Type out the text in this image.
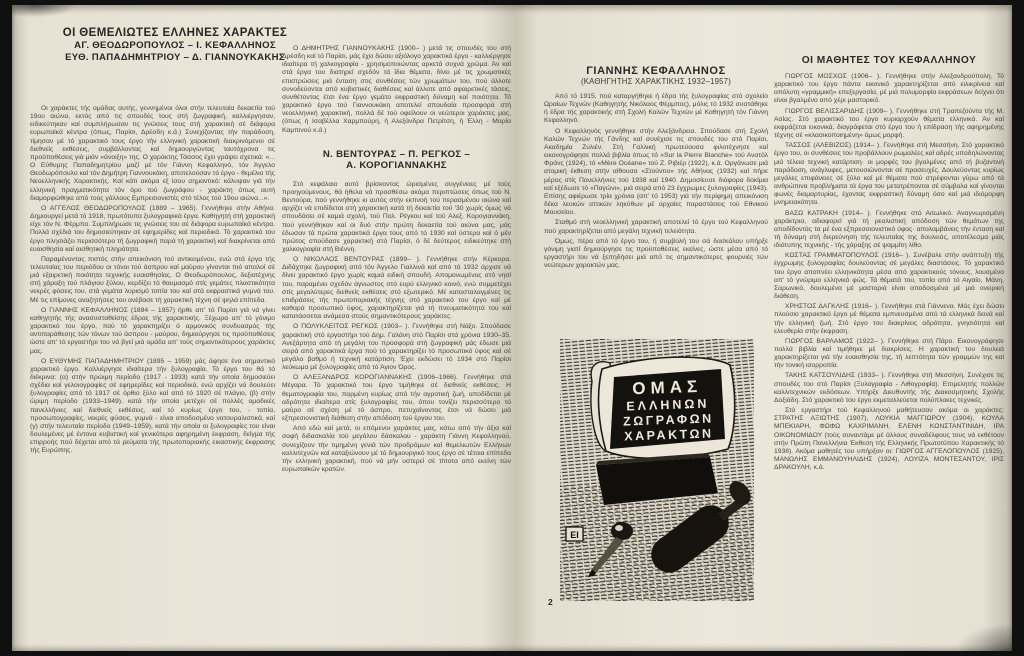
ΟΙ ΘΕΜΕΛΙΩΤΕΣ ΕΛΛΗΝΕΣ ΧΑΡΑΚΤΕΣ
ΑΓ. ΘΕΟΔΩΡΟΠΟΥΛΟΣ – Ι. ΚΕΦΑΛΛΗΝΟΣ
ΕΥΘ. ΠΑΠΑΔΗΜΗΤΡΙΟΥ – Δ. ΓΙΑΝΝΟΥΚΑΚΗΣ

Οι χαράκτες τής ομάδας αυτής, γεννημένοι όλοι στήν τελευταία δεκαετία τού 19ου αιώνα, εκτός από τις σπουδές τους στή ζωγραφική, καλλιέργησαν, ειδικεύτηκαν καί συμπλήρωσαν τις γνώσεις τους στή χαρακτική σέ διάφορα ευρωπαϊκά κέντρα (όπως, Παρίσι, Δρέσδη κ.ά.) Συνεχίζοντας τήν παράδοση, τίμησαν μέ τό χαρακτικό τους έργο τήν ελληνική χαρακτική διακρινόμενοι σέ διεθνείς εκθέσεις, συμβάλλοντας καί δημιουργώντας ταυτόχρονα τις προϋποθέσεις γιά μιάν «άνοιξη» της. Ο χαράκτης Τάσσος έχει γράψει σχετικά: «... Ο Εύθυμης Παπαδημητρίου μαζί μέ τόν Γιάννη Κεφαλληνό, τόν Άγγελο Θεοδωρόπουλο καί τόν Δημήτρη Γιαννουκάκη, αποτελούσαν τό έργο - θεμέλιο τής Νεοελληνικής Χαρακτικής. Καί κάτι ακόμα εξ ίσου σημαντικό: κάλυψαν γιά τήν ελληνική πραγματικότητα τόν όρο τού ζωγράφου - χαράκτη όπως αυτή διαμορφώθηκε από τούς γάλλους Εμπρεσιονιστές στό τέλος τού 19ου αιώνα...».

Ο ΑΓΓΕΛΟΣ ΘΕΟΔΩΡΟΠΟΥΛΟΣ (1889 – 1965). Γεννήθηκε στήν Αθήνα. Δημιουργεί μετά τό 1918, πρωτότυπα ξυλογραφικά έργα. Καθηγητή στή χαρακτική είχε τόν Ν. Φέρμπο. Συμπλήρωσε τις γνώσεις του σέ διάφορα ευρωπαϊκά κέντρα. Πολλά σχέδιά του δημοσιεύτηκαν σέ εφημερίδες καί περιοδικά. Τό χαρακτικό του έργο πλησιάζει περισσότερο τή ζωγραφική παρά τή χαρακτική καί διακρίνεται από ευαισθησία καί αισθητική πληρότητα.

Παραμένοντας πιστός στήν απεικόνιση τού αντικειμένου, ενώ στά έργα τής τελευταίας του περιόδου οι τόνοι τού άσπρου καί μαύρου γίνονται πιό απαλοί σέ μιά εξαιρετική ποιότητα τεχνικής ευαισθησίας. Ο Θεοδωρόπουλος, δεξιοτέχνης στή χάραξη τού πλάγιου ξύλου, κερδίζει τό θαυμασμό στίς γεμάτες πλαστικότητα νεκρές φύσεις του, στά γεμάτα λυρισμό τοπία του καί στά εκφραστικά γυμνά του. Μέ τις επίμονες αναζητήσεις του ανέβασε τή χαρακτική τέχνη σέ ψηλά επίπεδα.

Ο ΓΙΑΝΝΗΣ ΚΕΦΑΛΛΗΝΟΣ (1894 – 1957) ήρθε απ' τό Παρίσι γιά νά γίνει καθηγητής τής ανασυσταθείσης έδρας τής χαρακτικής. Ξέχωρα απ' τό γόνιμο χαρακτικό του έργο, πού τό χαρακτηρίζει ό αρμονικός συνδυασμός τής αντιπαράθεσης τών τόνων τού άσπρου - μαύρου, δημιούργησε τις προϋποθέσεις ώστε απ' τό εργαστήρι του νά βγεί μιά ομάδα απ' τούς σημαντικότερους χαράκτες μας.

Ο ΕΥΘΥΜΗΣ ΠΑΠΑΔΗΜΗΤΡΙΟΥ (1895 – 1959) μάς άφησε ένα σημαντικό χαρακτικό έργο. Καλλιέργησε ιδιαίτερα τήν ξυλογραφία. Τό έργο του θά τό διέκρινα: (α) στήν πρώιμη περίοδο (1917 - 1933) κατά τήν οποία δημοσιεύει σχέδια καί γελοιογραφίες σέ εφημερίδες καί περιοδικά, ενώ αρχίζει νά δουλεύει ξυλογραφίες από τό 1917 σέ όρθιο ξύλο καί από τό 1920 σέ πλάγιο, (β) στήν ώριμη περίοδο (1933–1949), κατά τήν οποία μετέχει σέ πολλές ομαδικές πανελλήνιες καί διεθνείς εκθέσεις, καί τό κυρίως έργο του, - τοπία, προσωπογραφίες, νεκρές φύσεις, γυμνά - είναι αποδοσμένο νατουραλιστικά, καί (γ) στήν τελευταία περίοδο (1949–1959), κατά τήν οποία οι ξυλογραφίες του είναι δουλεμένες μέ έντονα κυβιστική καί γενικότερα αφηρημένη έκφραση, δείγμα τής επιρροής πού δέχεται από τά ρεύματα τής πρωτοποριακής εικαστικής έκφρασης τής Ευρώπης.

Ο ΔΗΜΗΤΡΗΣ ΓΙΑΝΝΟΥΚΑΚΗΣ (1900– ) μετά τις σπουδές του στή Δρέσδη καί τό Παρίσι, μάς έχει δώσει αξιόλογο χαρακτικό έργο - καλλιέργησε ιδιαίτερα τή χαλκογραφία - χρησιμοποιώντας αρκετά συχνά χρώμα. Άν καί στά έργα του διατηρεί σχεδόν τά ίδια θέματα, δίνει μέ τις χρωματικές επιστρώσεις μιά ένταση στις συνθέσεις τών χρωμάτων του, πού άλλοτε συνοδεύονται από κυβιστικές διαθέσεις καί άλλοτε από αφαιρετικές τάσεις, συνθέτοντας έτσι ένα έργο γεμάτο εκφραστική δύναμη καί ποιότητα. Τό χαρακτικό έργο τού Γιαννουκάκη αποτελεί σπουδαία προσφορά στή νεοελληνική χαρακτική, πολλά δέ τού οφείλουν οι νεώτεροι χαράκτες μας, (όπως ή Ισαβέλλα Χαρμπούρη, ή Αλεξάνδρα Πετρίτση, ή Έλλη - Μαρία Καμπινού κ.ά.)

Ν. ΒΕΝΤΟΥΡΑΣ – Π. ΡΕΓΚΟΣ –
Α. ΚΟΡΟΓΙΑΝΝΑΚΗΣ

Στό κεφάλαιο αυτό βρίσκοντας ώρισμένες συγγένειες μέ τούς προηγούμενους, θά ήθελα νά προσθέσω ακόμα περιπτώσεις όπως τού Ν. Βεντούρα, πού γεννήθηκε κι αυτός στήν εκπνοή τού περασμένου αιώνα καί αρχίζει νά επιδίδεται στή χαρακτική κατά τή δεκαετία τού '30 χωρίς όμως νά σπουδάσει σέ καμιά σχολή, τού Πολ. Ρέγκου καί τού Αλεξ. Κορογιαννάκη, πού γεννήθηκαν καί οι δυό στήν πρώτη δεκαετία τού αιώνα μας, μάς έδωσαν τά πρώτα χαρακτικά έργα τους από τό 1930 καί ύστερα καί ό μέν πρώτος σπούδασε χαρακτική στό Παρίσι, ό δέ δεύτερος ειδικεύτηκε στή χαλκογραφία στή Βιέννη.

Ο ΝΙΚΟΛΑΟΣ ΒΕΝΤΟΥΡΑΣ (1899– ). Γεννήθηκε στήν Κέρκυρα. Διδάχτηκε ζωγραφική από τόν Άγγελο Γιαλλινά καί από τό 1932 άρχισε νά δίνει χαρακτικό έργο χωρίς καμιά ειδική σπουδή. Απομονωμένος στό νησί του, παραμένει σχεδόν άγνωστος στό ευρύ ελληνικό κοινό, ενώ συμμετέχει στίς μεγαλύτερες διεθνείς εκθέσεις στό εξωτερικό. Μέ κατασταλαγμένες τις επιδράσεις τής πρωτοποριακής τέχνης στό χαρακτικό του έργο καί μέ καθαρά προσωπικό ύφος, χαρακτηρίζεται γιά τή πνευματικότητά του καί κατατάσσεται ανάμεσα στούς σημαντικότερους χαράκτες.

Ο ΠΟΛΥΚΛΕΙΤΟΣ ΡΕΓΚΟΣ (1903– ). Γεννήθηκε στή Νάξο. Σπούδασε χαρακτική στό εργαστήρι τού Δημ. Γαλάνη στό Παρίσι στά χρόνια 1930–35. Ανεξάρτητα από τή μεγάλη του προσφορά στή ζωγραφική μάς έδωσε μιά σειρά από χαρακτικά έργα πού τό χαρακτηρίζει τό προσωπικό ύφος καί σέ μεγάλο βαθμό ή τεχνική κατάρτιση. Έχει εκδώσει τό 1934 στό Παρίσι λεύκωμα μέ ξυλογραφίες από τό Άγιον Όρος.

Ο ΑΛΕΞΑΝΔΡΟΣ ΚΟΡΟΓΙΑΝΝΑΚΗΣ (1906–1966). Γεννήθηκε στά Μέγαρα. Τό χαρακτικό του έργο τιμήθηκε σέ διεθνείς εκθέσεις. Η θεματογραφία του, παρμένη κυρίως από τήν αγροτική ζωή, αποδίδεται μέ αδρότητα ιδιαίτερα στίς ξυλογραφίες του, όπου τονίζει περισσότερο τό μαύρο σέ σχέση μέ τό άσπρο, πετυχαίνοντας έτσι νά δώσει μιά εξπρεσιονιστική διάθεση στήν απόδοση τού έργου του.

Από εδώ καί μετά, οι επόμενοι χαράκτες μας, κάτω από τήν άξια καί σοφή διδασκαλία τού μεγάλου δάσκαλου - χαράκτη Γιάννη Κεφαλληνού, συνεχίζουν τήν τιμημένη γενιά τών προδρόμων καί θεμελιωτών Ελλήνων καλλιτεχνών καί καταξιώνουν μέ τό δημιουργικό τους έργο σέ τέτοια επίπεδα τήν ελληνική χαρακτική, πού νά μήν υστερεί σέ τίποτα από εκείνη τών ευρωπαϊκών κρατών.

ΓΙΑΝΝΗΣ ΚΕΦΑΛΛΗΝΟΣ
(ΚΑΘΗΓΗΤΗΣ ΧΑΡΑΚΤΙΚΗΣ 1932–1957)

Από τό 1915, πού καταργήθηκε ή έδρα τής ξυλογραφίας στό σχολείο Ωραίων Τεχνών (Καθηγητής Νικόλαος Φέρμπος), μόλις τό 1932 συστάθηκε ή έδρα τής χαρακτικής στή Σχολή Καλών Τεχνών μέ Καθηγητή τόν Γιάννη Κεφαλληνό.

Ο Κεφαλληνός γεννήθηκε στήν Αλεξάνδρεια. Σπούδασε στή Σχολή Καλών Τεχνών τής Γάνδης καί συνέχισε τις σπουδές του στό Παρίσι, Ακαδημία Ζυλιέν. Στή Γαλλική πρωτεύουσα φιλοτέχνησε καί εικονογράφησε πολλά βιβλία όπως τό «Sur la Pierre Blanche» τού Ανατόλ Φράνς (1924), τό «Mère Océane» τού Ζ. Ριβιέρ (1922), κ.ά. Οργάνωσε μιά ατομική έκθεση στήν αίθουσα «Στούντιο» τής Αθήνας (1932) καί πήρε μέρος στίς Πανελλήνιες τού 1938 καί 1940. Δημοσίευσε διάφορα δοκίμια καί εξέδωσε τό «Παγώνι», μιά σειρά από 23 έγχρωμες ξυλογραφίες (1943). Επίσης αφιέρωσε τρία χρόνια (απ' τό 1953) γιά τήν περίφημη απεικόνιση δέκα λευκών αττικών ληκύθων μέ αρχαίες παραστάσεις τού Εθνικού Μουσείου.

Σταθμό στή νεοελληνική χαρακτική αποτελεί τό έργο τού Κεφαλληνού πού χαρακτηρίζεται από μεγάλη τεχνική τελειότητα.

Όμως, πέρα από τό έργο του, ή συμβολή του σά δασκάλου υπήρξε γόνιμη γιατί δημιούργησε τις προϋποθέσεις εκείνες, ώστε μέσα από τό εργαστήρι του νά ξεπηδήσει μιά από τις σημαντικότερες φουρνιές τών νεώτερων χαρακτών μας.

ΟΜΑΣ
ΕΛΛΗΝΩΝ
ΖΩΓΡΑΦΩΝ
ΧΑΡΑΚΤΩΝ
ΕΙ
2
ΟΙ ΜΑΘΗΤΕΣ ΤΟΥ ΚΕΦΑΛΛΗΝΟΥ

ΓΙΩΡΓΟΣ ΜΟΣΧΟΣ (1906– ). Γεννήθηκε στήν Αλεξανδρούπολη. Τό χαρακτικό του έργο πάντα εικονικό χαρακτηρίζεται από ειλικρίνεια καί απόλυτη «γραμμική» επεξεργασία, μέ μιά πολυμορφία εκφράσεων δείχνει ότι είναι βγαλμένο από χέρι μαστορικό.

ΓΙΩΡΓΟΣ ΒΕΛΙΣΣΑΡΙΔΗΣ (1909– ). Γεννήθηκε στή Τραπεζούντα τής Μ. Ασίας. Στό χαρακτικό του έργο κυριαρχούν θέματα ελληνικά. Άν καί εκφράζεται εικονικά, διαγράφεται στό έργο του ή επίδραση τής αφηρημένης τέχνης σέ «κλασικοποιημένη» όμως μορφή.

ΤΑΣΣΟΣ (ΑΛΕΒΙΖΟΣ) (1914– ). Γεννήθηκε στή Μεσσήνη. Στό χαρακτικό έργο του, οι συνθέσεις του προβάλλουν ρωμαλέες καί αδρές υποδηλώνοντας μιά τέλεια τεχνική κατάρτιση· οι μορφές του βγαλμένες από τή βυζαντινή παράδοση, ανάγλυφες, μετουσιώνονται σέ προσευχές. Δουλεύοντας κυρίως μεγάλες επιφάνειες σέ ξύλο καί μέ θέματα πού στρέφονται γύρω από τά ανθρώπινα προβλήματα τά έργα του μετατρέπονται σέ σύμβολα καί γίνονται φωνές διαμαρτυρίας, έχοντας εκφραστική δύναμη όσο καί μιά ιδιόμορφη μνημειακότητα.

ΒΑΣΩ ΚΑΤΡΑΚΗ (1914– ). Γεννήθηκε στό Αιτωλικό. Αναγνωρισμένη χαράκτρια, αδιαφορεί γιά τή ρεαλιστική απόδοση τών θεμάτων της αποδίδοντάς τα μέ ένα εξπρεσσιονιστικό ύφος· απολαμβάνεις τήν ένταση καί τή δύναμη στή διερεύνηση τής τελευταίας της δουλειάς, αποτέλεσμα μιάς ιδιότυπης τεχνικής - τής χάραξης σέ ψαμμίτη λίθο.

ΚΩΣΤΑΣ ΓΡΑΜΜΑΤΟΠΟΥΛΟΣ (1916– ). Συνέβαλε στήν ανάπτυξη τής έγχρωμης ξυλογραφίας δουλεύοντας σέ μεγάλες διαστάσεις. Τό χαρακτικό του έργο αποπνέει ελληνικότητα μέσα από χαρακτικούς τόνους, λουσμένο απ' τό γνώριμο ελληνικό φώς. Τά θέματά του, τοπία από τό Αιγαίο, Μάνη, Σαρωνικό, δουλεμένα μέ μαστοριά είναι αποδοσμένα μέ μιά ονειρική διάθεση.

ΧΡΗΣΤΟΣ ΔΑΓΚΛΗΣ (1916– ). Γεννήθηκε στά Γιάννενα. Μάς έχει δώσει πλούσιο χαρακτικό έργο μέ θέματα εμπνευσμένα από τά ελληνικά δεινά καί τήν ελληνική ζωή. Στό έργο του διακρίνεις αδρότητα, γνησιότητα καί ελευθερία στήν έκφραση.

ΓΙΩΡΓΟΣ ΒΑΡΛΑΜΟΣ (1922– ). Γεννήθηκε στή Πάρο. Εικονογράφησε πολλά βιβλία καί τιμήθηκε μέ διακρίσεις. Η χαρακτική του δουλειά χαρακτηρίζεται γιά τήν ευαισθησία της, τή λεπτότητα τών γραμμών της καί τήν τονική ισορροπία.

ΤΑΚΗΣ ΚΑΤΣΟΥΛΙΔΗΣ (1933– ). Γεννήθηκε στή Μεσσήνη. Συνέχισε τις σπουδές του στό Παρίσι (Ξυλογραφία - Λιθογραφία). Επιμελητής πολλών καλλιτεχνικών εκδόσεων. Υπήρξε Διευθυντής τής Διακοσμητικής Σχολής Δοξιάδη. Στό χαρακτικό του έργο εκμεταλλεύεται πολύπλοκες τεχνικές.

Στό εργαστήρι τού Κεφαλληνού μαθήτευσαν ακόμα οι χαράκτες: ΣΤΡΑΤΗΣ ΑΞΙΩΤΗΣ (1907), ΛΟΥΚΙΑ ΜΑΓΓΙΩΡΟΥ (1904), ΚΟΥΛΑ ΜΠΕΚΙΑΡΗ, ΦΩΦΩ ΚΑΧΡΙΜΑΝΗ, ΕΛΕΝΗ ΚΩΝΣΤΑΝΤΙΝΙΔΗ, ΙΡΑ ΟΙΚΟΝΟΜΙΔΟΥ (τούς συναντάμε μέ άλλους συναδέλφους τους νά εκθέτουν στήν Πρώτη Πανελλήνια Έκθεση τής Ελληνικής Πρωτοτύπου Χαρακτικής τό 1938). Ακόμα μαθητές του υπήρξαν οι: ΓΙΩΡΓΟΣ ΑΓΓΕΛΟΠΟΥΛΟΣ (1925), ΜΑΝΩΛΗΣ ΕΜΜΑΝΟΥΗΛΙΔΗΣ (1924), ΛΟΥΙΖΑ ΜΟΝΤΕΣΑΝΤΟΥ, ΙΡΙΣ ΔΡΑΚΟΥΛΗ, κ.ά.
